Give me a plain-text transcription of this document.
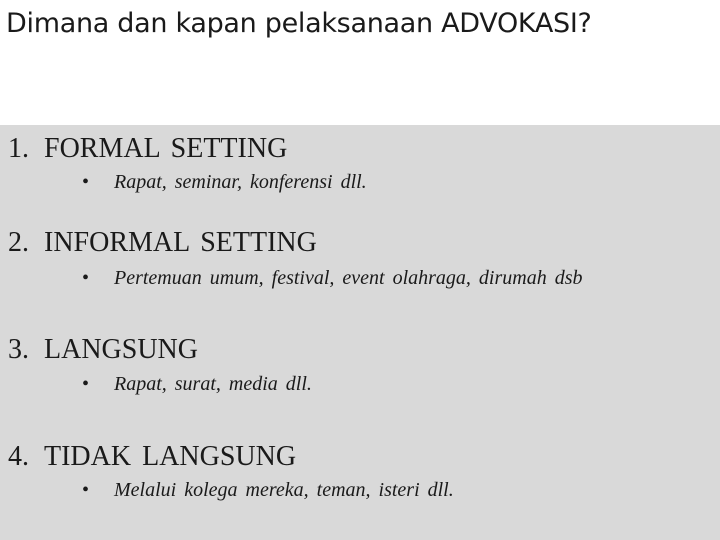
Dimana dan kapan pelaksanaan ADVOKASI?
1. FORMAL SETTING
• Rapat, seminar, konferensi dll.
2. INFORMAL SETTING
• Pertemuan umum, festival, event olahraga, dirumah dsb
3. LANGSUNG
• Rapat, surat, media dll.
4. TIDAK LANGSUNG
• Melalui kolega mereka, teman, isteri dll.
